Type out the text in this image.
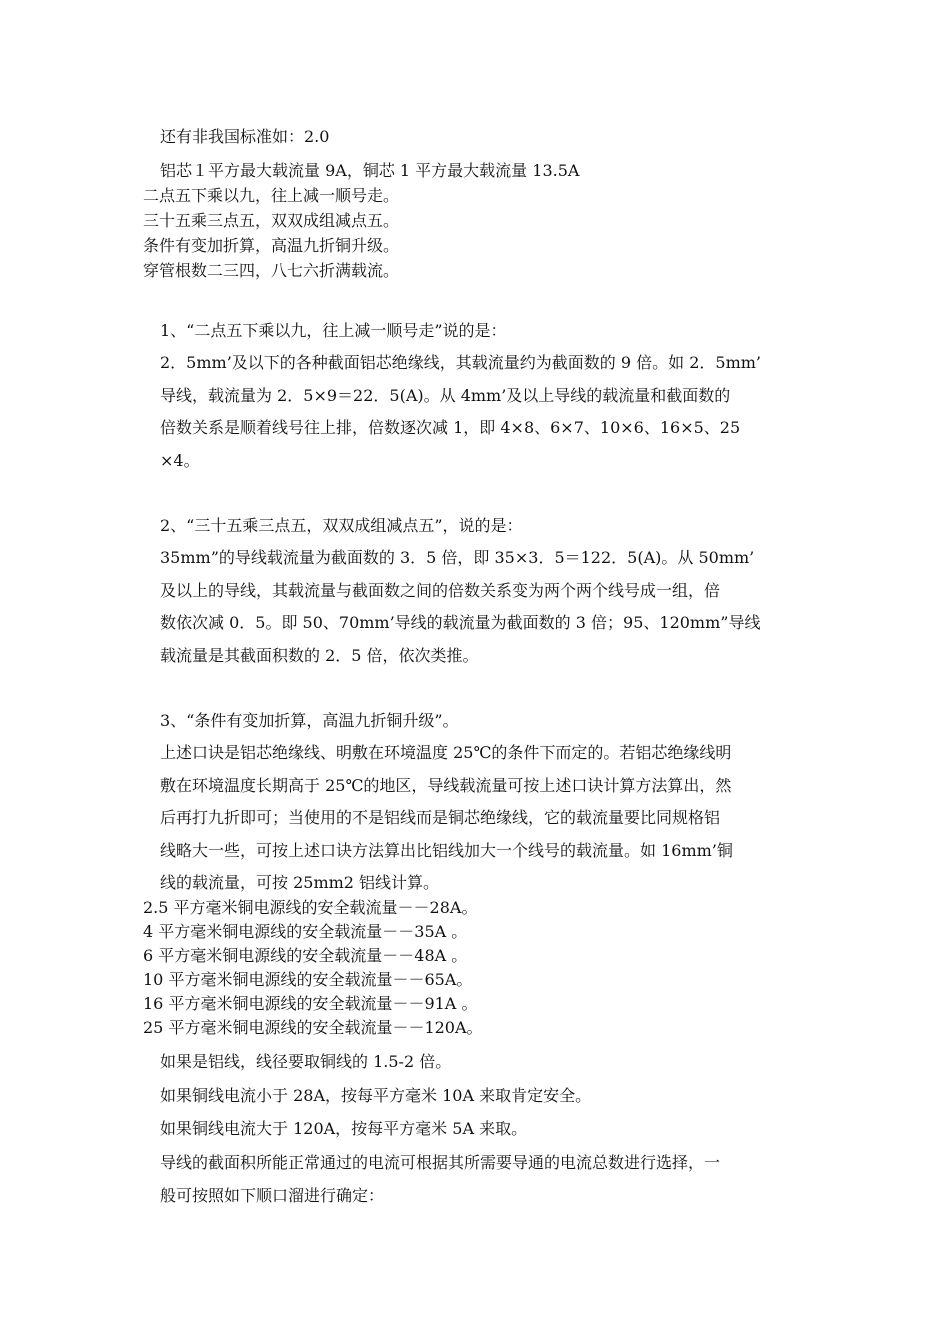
还有非我国标准如：2.0
铝芯１平方最大载流量 9A，铜芯 1 平方最大载流量 13.5A
二点五下乘以九，往上减一顺号走。
三十五乘三点五，双双成组减点五。
条件有变加折算，高温九折铜升级。
穿管根数二三四，八七六折满载流。
1、“二点五下乘以九，往上减一顺号走”说的是：
2．5mm’及以下的各种截面铝芯绝缘线，其载流量约为截面数的 9 倍。如 2．5mm’
导线，载流量为 2．5×9＝22．5(A)。从 4mm’及以上导线的载流量和截面数的
倍数关系是顺着线号往上排，倍数逐次减 1，即 4×8、6×7、10×6、16×5、25
×4。
2、“三十五乘三点五，双双成组减点五”，说的是：
35mm”的导线载流量为截面数的 3．5 倍，即 35×3．5＝122．5(A)。从 50mm’
及以上的导线，其载流量与截面数之间的倍数关系变为两个两个线号成一组，倍
数依次减 0．5。即 50、70mm’导线的载流量为截面数的 3 倍；95、120mm”导线
载流量是其截面积数的 2．5 倍，依次类推。
3、“条件有变加折算，高温九折铜升级”。
上述口诀是铝芯绝缘线、明敷在环境温度 25℃的条件下而定的。若铝芯绝缘线明
敷在环境温度长期高于 25℃的地区，导线载流量可按上述口诀计算方法算出，然
后再打九折即可；当使用的不是铝线而是铜芯绝缘线，它的载流量要比同规格铝
线略大一些，可按上述口诀方法算出比铝线加大一个线号的载流量。如 16mm’铜
线的载流量，可按 25mm2 铝线计算。
2.5 平方毫米铜电源线的安全载流量－－28A。
4 平方毫米铜电源线的安全载流量－－35A 。
6 平方毫米铜电源线的安全载流量－－48A 。
10 平方毫米铜电源线的安全载流量－－65A。
16 平方毫米铜电源线的安全载流量－－91A 。
25 平方毫米铜电源线的安全载流量－－120A。
如果是铝线，线径要取铜线的 1.5-2 倍。
如果铜线电流小于 28A，按每平方毫米 10A 来取肯定安全。
如果铜线电流大于 120A，按每平方毫米 5A 来取。
导线的截面积所能正常通过的电流可根据其所需要导通的电流总数进行选择，一
般可按照如下顺口溜进行确定：
